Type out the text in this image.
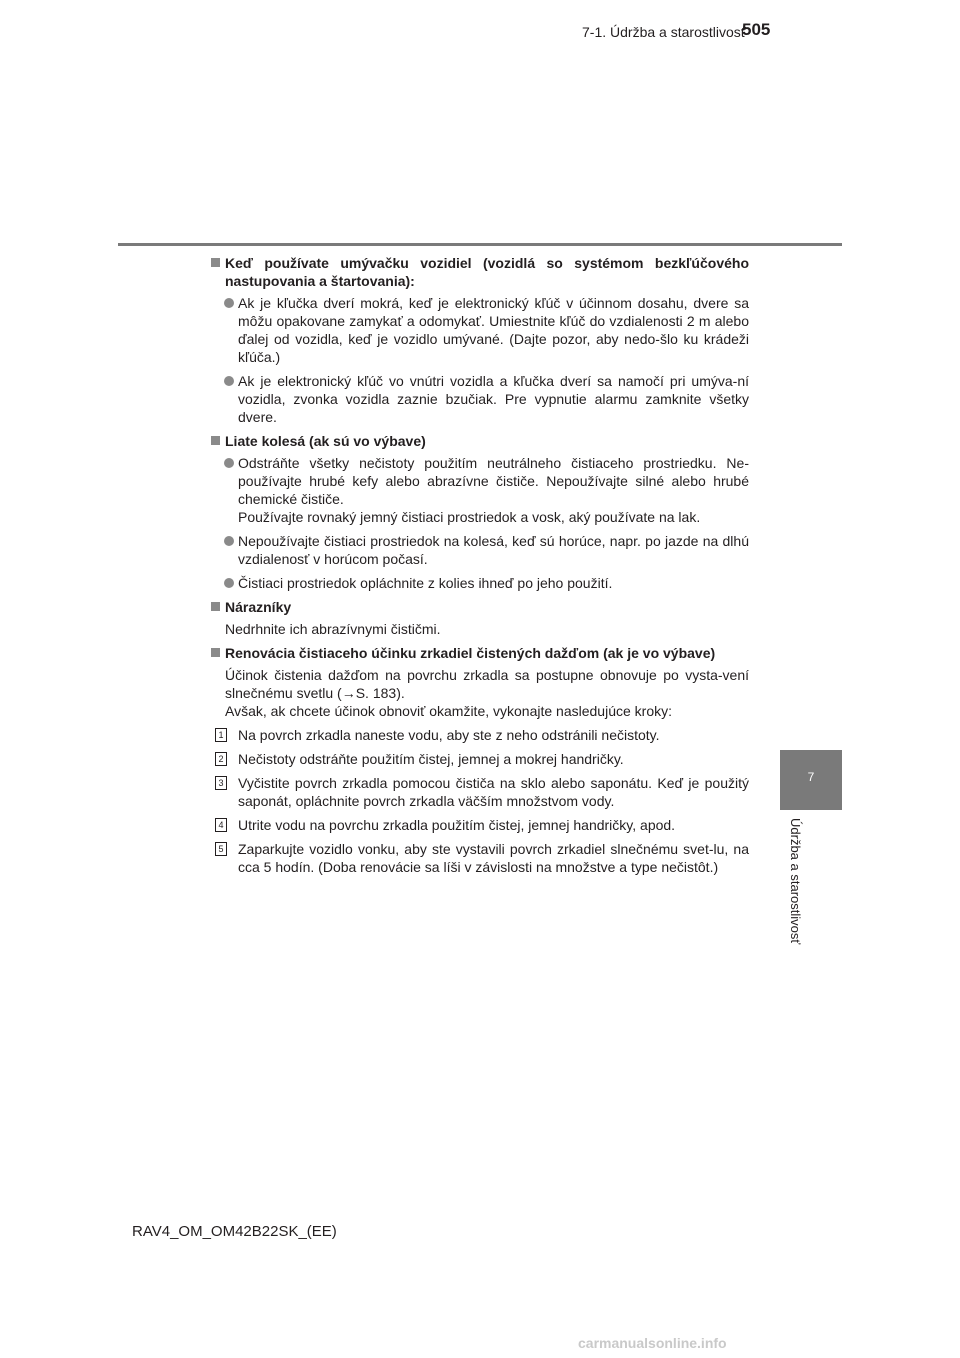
7-1. Údržba a starostlivosť
505
7
Údržba a starostlivosť
Keď používate umývačku vozidiel (vozidlá so systémom bezkľúčového nastupovania a štartovania):
Ak je kľučka dverí mokrá, keď je elektronický kľúč v účinnom dosahu, dvere sa môžu opakovane zamykať a odomykať. Umiestnite kľúč do vzdialenosti 2 m alebo ďalej od vozidla, keď je vozidlo umývané. (Dajte pozor, aby nedo-šlo ku krádeži kľúča.)
Ak je elektronický kľúč vo vnútri vozidla a kľučka dverí sa namočí pri umýva-ní vozidla, zvonka vozidla zaznie bzučiak. Pre vypnutie alarmu zamknite všetky dvere.
Liate kolesá (ak sú vo výbave)
Odstráňte všetky nečistoty použitím neutrálneho čistiaceho prostriedku. Ne-používajte hrubé kefy alebo abrazívne čističe. Nepoužívajte silné alebo hrubé chemické čističe.
Používajte rovnaký jemný čistiaci prostriedok a vosk, aký používate na lak.
Nepoužívajte čistiaci prostriedok na kolesá, keď sú horúce, napr. po jazde na dlhú vzdialenosť v horúcom počasí.
Čistiaci prostriedok opláchnite z kolies ihneď po jeho použití.
Nárazníky
Nedrhnite ich abrazívnymi čističmi.
Renovácia čistiaceho účinku zrkadiel čistených dažďom (ak je vo výbave)
Účinok čistenia dažďom na povrchu zrkadla sa postupne obnovuje po vysta-vení slnečnému svetlu (→S. 183).
Avšak, ak chcete účinok obnoviť okamžite, vykonajte nasledujúce kroky:
1 Na povrch zrkadla naneste vodu, aby ste z neho odstránili nečistoty.
2 Nečistoty odstráňte použitím čistej, jemnej a mokrej handričky.
3 Vyčistite povrch zrkadla pomocou čističa na sklo alebo saponátu. Keď je použitý saponát, opláchnite povrch zrkadla väčším množstvom vody.
4 Utrite vodu na povrchu zrkadla použitím čistej, jemnej handričky, apod.
5 Zaparkujte vozidlo vonku, aby ste vystavili povrch zrkadiel slnečnému svet-lu, na cca 5 hodín. (Doba renovácie sa líši v závislosti na množstve a type nečistôt.)
RAV4_OM_OM42B22SK_(EE)
carmanualsonline.info
